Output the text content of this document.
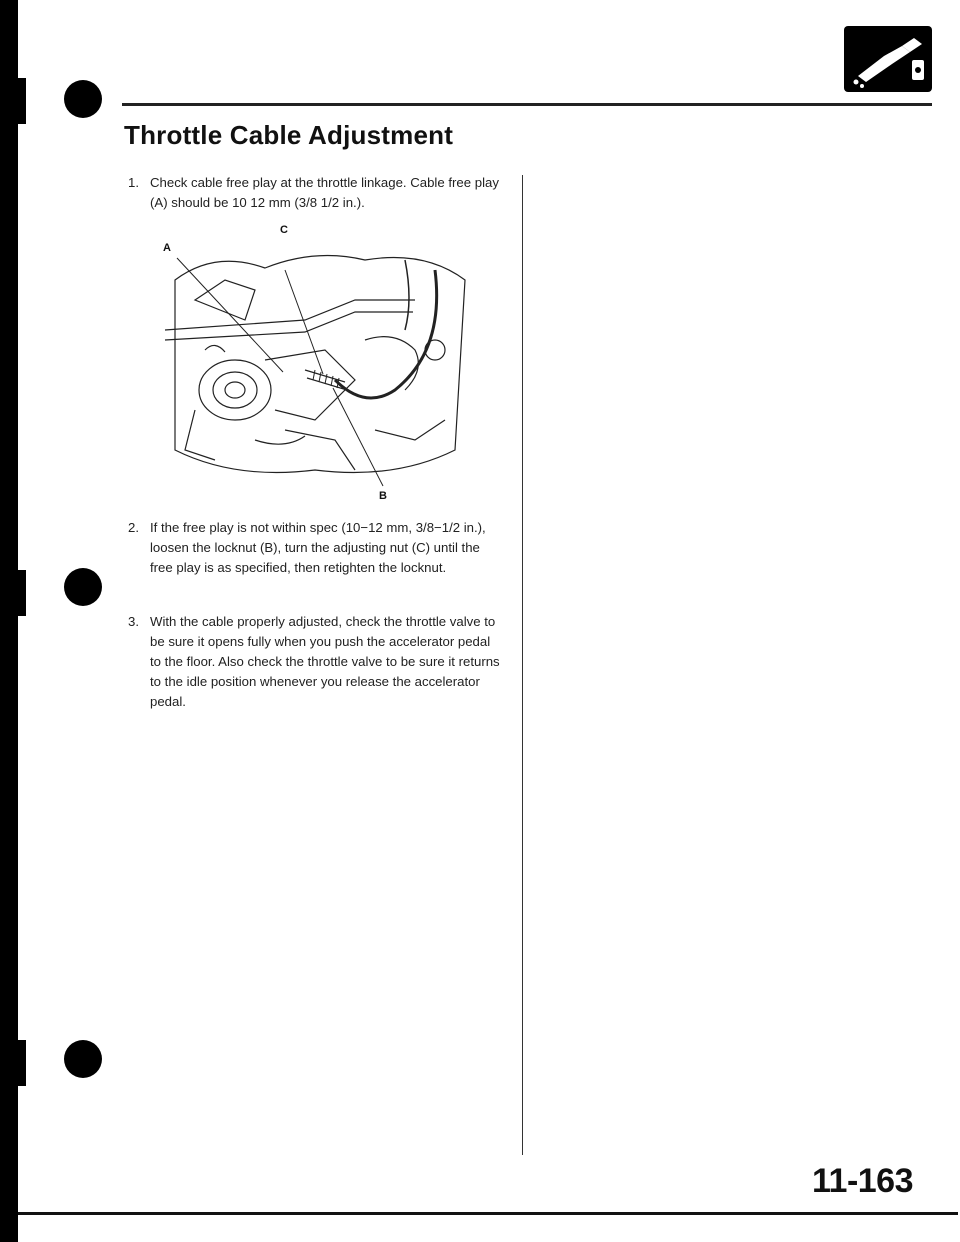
Throttle Cable Adjustment
1. Check cable free play at the throttle linkage. Cable free play (A) should be 10 12 mm (3/8 1/2 in.).
A
C
B
2. If the free play is not within spec (10−12 mm, 3/8−1/2 in.), loosen the locknut (B), turn the adjusting nut (C) until the free play is as specified, then retighten the locknut.
3. With the cable properly adjusted, check the throttle valve to be sure it opens fully when you push the accelerator pedal to the floor. Also check the throttle valve to be sure it returns to the idle position whenever you release the accelerator pedal.
11-163
